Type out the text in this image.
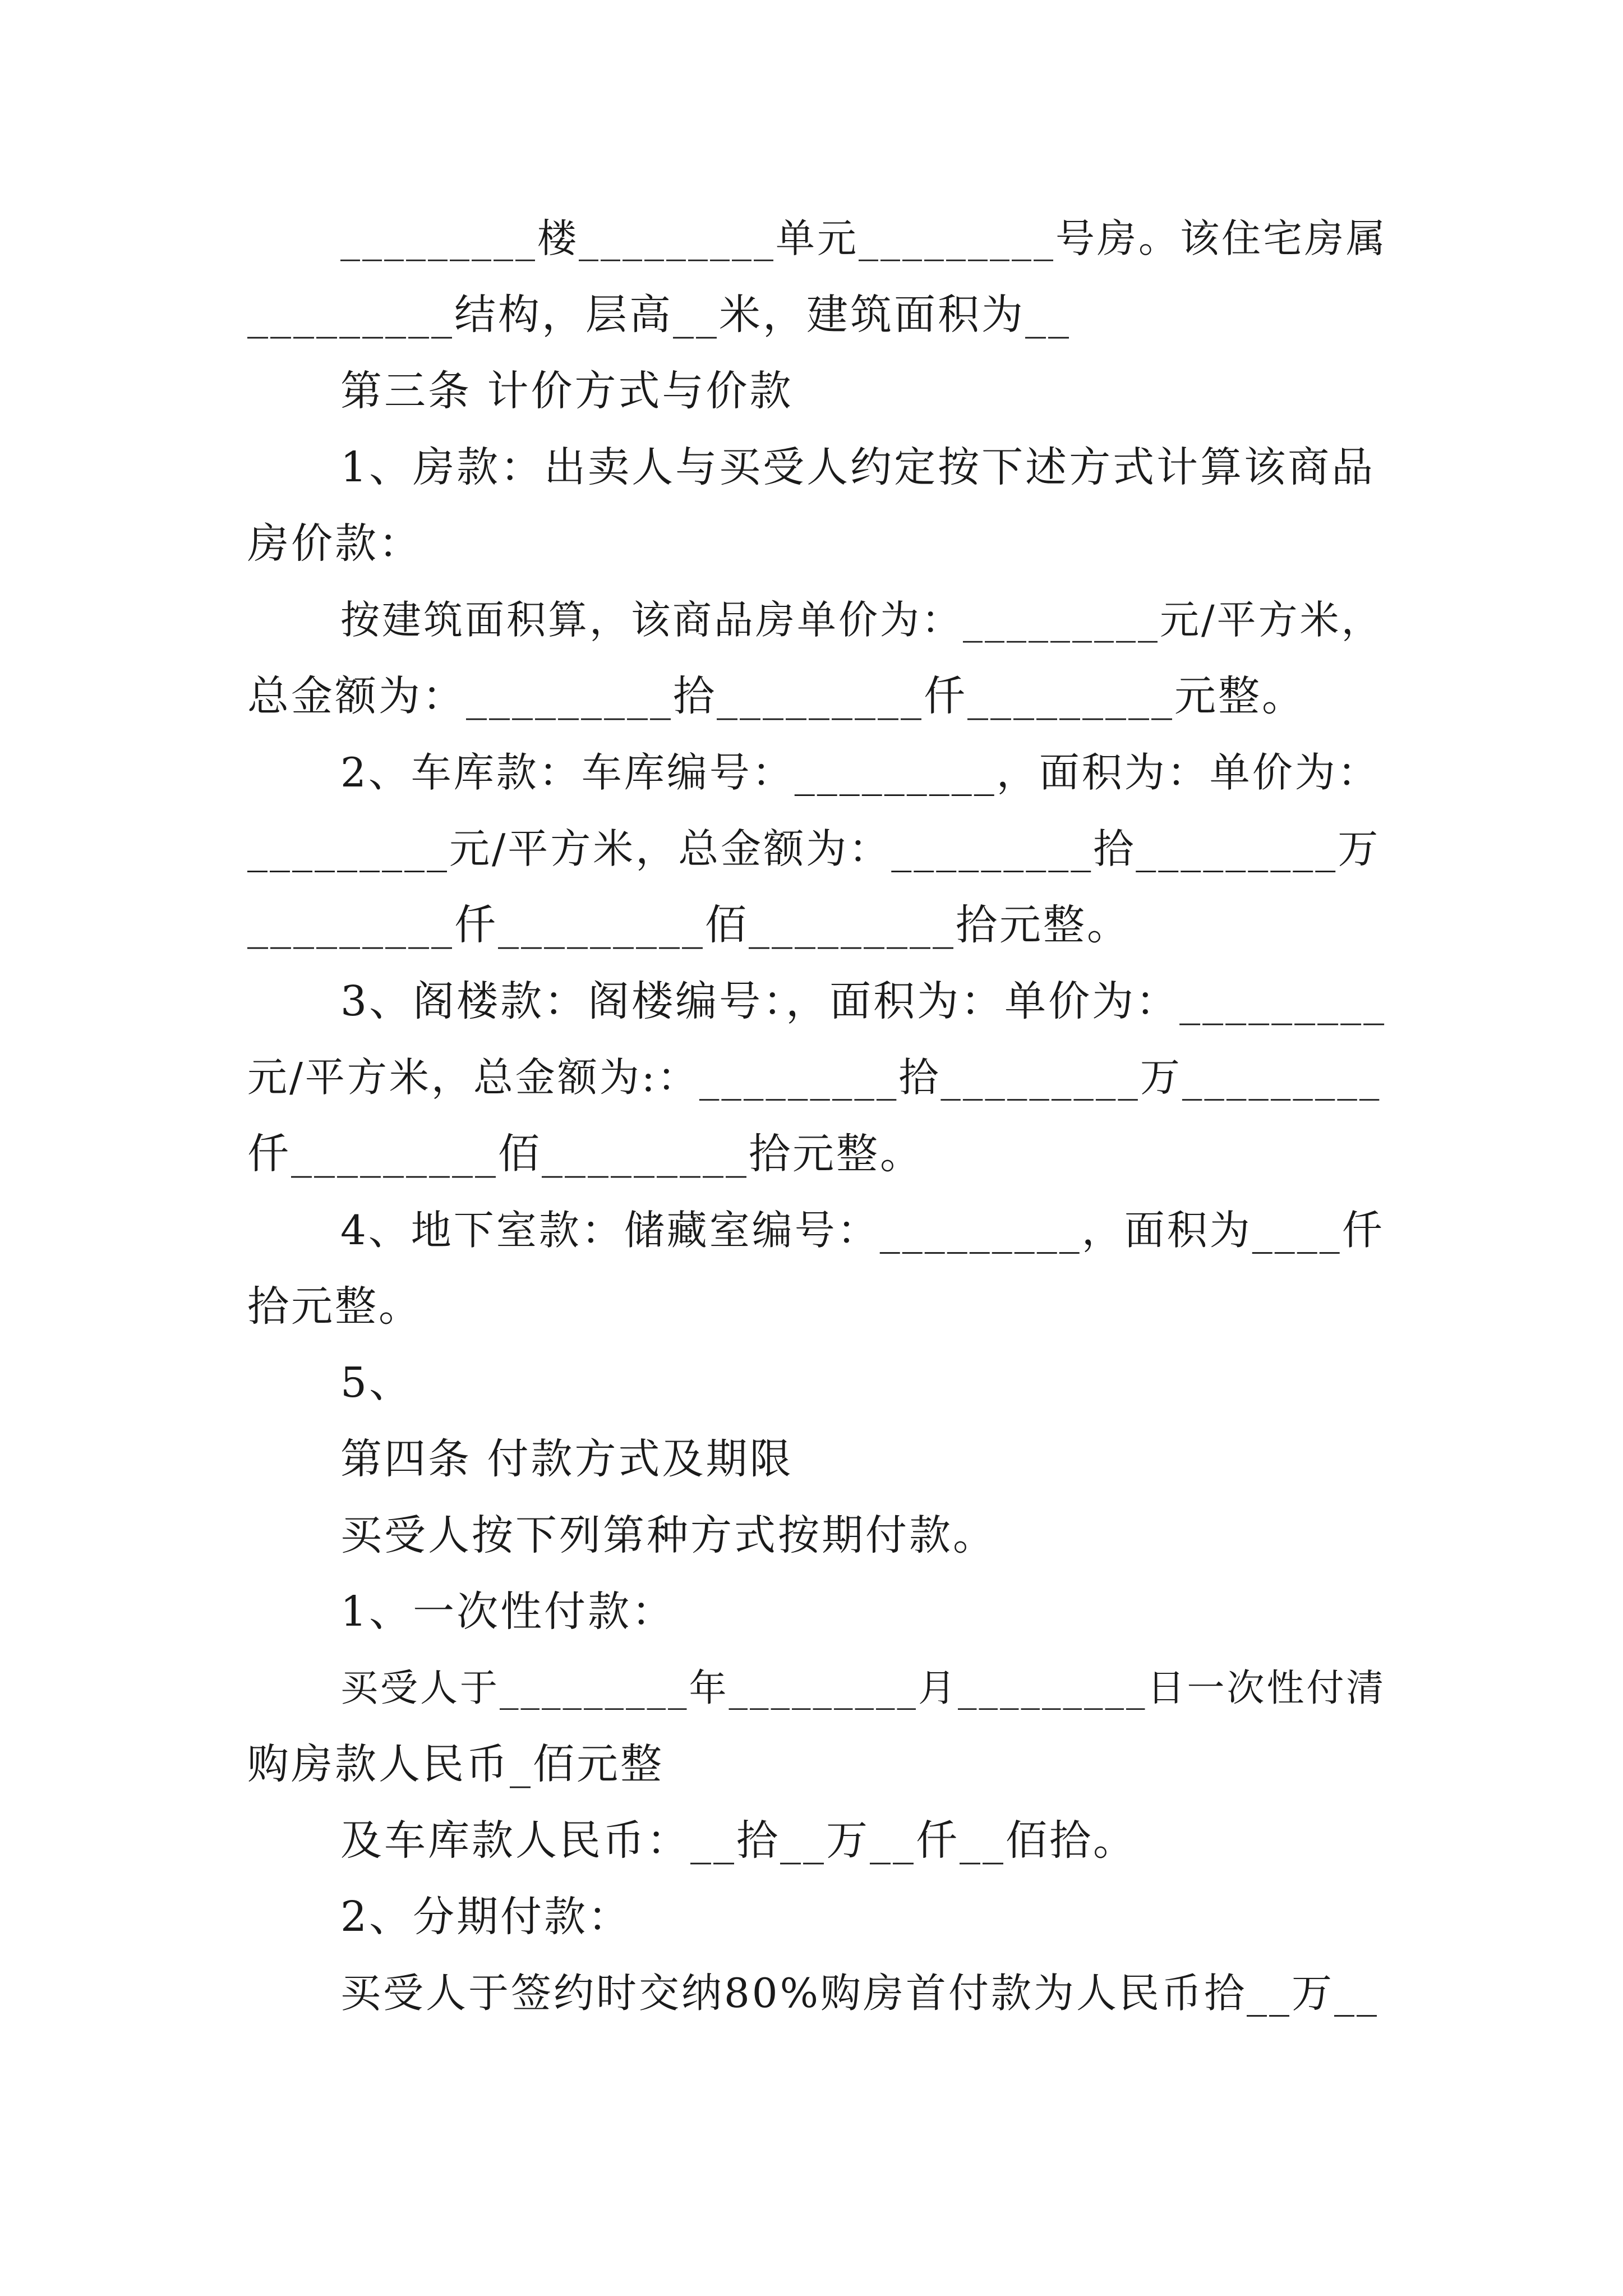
_________楼_________单元_________号房。该住宅房属
_________结构，层高__米，建筑面积为__
第三条 计价方式与价款
1、房款：出卖人与买受人约定按下述方式计算该商品
房价款：
按建筑面积算，该商品房单价为：_________元/平方米，
总金额为：_________拾_________仟_________元整。
2、车库款：车库编号：_________，面积为：单价为：
_________元/平方米，总金额为：_________拾_________万
_________仟_________佰_________拾元整。
3、阁楼款：阁楼编号：，面积为：单价为：_________
元/平方米，总金额为:：_________拾_________万_________
仟_________佰_________拾元整。
4、地下室款：储藏室编号：_________，面积为____仟
拾元整。
5、
第四条 付款方式及期限
买受人按下列第种方式按期付款。
1、一次性付款：
买受人于_________年_________月_________日一次性付清
购房款人民币_佰元整
及车库款人民币：__拾__万__仟__佰拾。
2、分期付款：
买受人于签约时交纳80%购房首付款为人民币拾__万__
